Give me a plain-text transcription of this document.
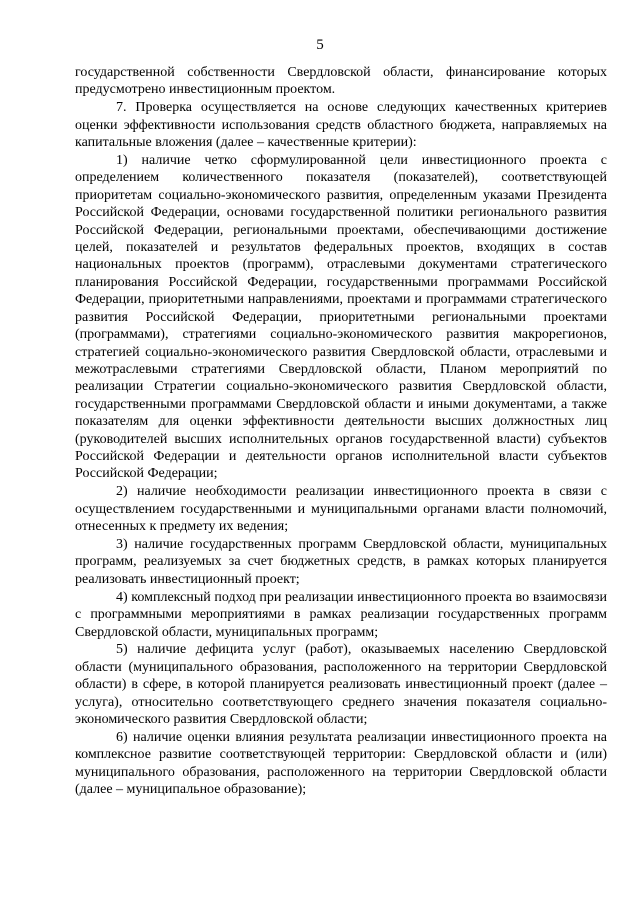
5

государственной собственности Свердловской области, финансирование которых предусмотрено инвестиционным проектом.

7. Проверка осуществляется на основе следующих качественных критериев оценки эффективности использования средств областного бюджета, направляемых на капитальные вложения (далее – качественные критерии):

1) наличие четко сформулированной цели инвестиционного проекта с определением количественного показателя (показателей), соответствующей приоритетам социально-экономического развития, определенным указами Президента Российской Федерации, основами государственной политики регионального развития Российской Федерации, региональными проектами, обеспечивающими достижение целей, показателей и результатов федеральных проектов, входящих в состав национальных проектов (программ), отраслевыми документами стратегического планирования Российской Федерации, государственными программами Российской Федерации, приоритетными направлениями, проектами и программами стратегического развития Российской Федерации, приоритетными региональными проектами (программами), стратегиями социально-экономического развития макрорегионов, стратегией социально-экономического развития Свердловской области, отраслевыми и межотраслевыми стратегиями Свердловской области, Планом мероприятий по реализации Стратегии социально-экономического развития Свердловской области, государственными программами Свердловской области и иными документами, а также показателям для оценки эффективности деятельности высших должностных лиц (руководителей высших исполнительных органов государственной власти) субъектов Российской Федерации и деятельности органов исполнительной власти субъектов Российской Федерации;

2) наличие необходимости реализации инвестиционного проекта в связи с осуществлением государственными и муниципальными органами власти полномочий, отнесенных к предмету их ведения;

3) наличие государственных программ Свердловской области, муниципальных программ, реализуемых за счет бюджетных средств, в рамках которых планируется реализовать инвестиционный проект;

4) комплексный подход при реализации инвестиционного проекта во взаимосвязи с программными мероприятиями в рамках реализации государственных программ Свердловской области, муниципальных программ;

5) наличие дефицита услуг (работ), оказываемых населению Свердловской области (муниципального образования, расположенного на территории Свердловской области) в сфере, в которой планируется реализовать инвестиционный проект (далее – услуга), относительно соответствующего среднего значения показателя социально-экономического развития Свердловской области;

6) наличие оценки влияния результата реализации инвестиционного проекта на комплексное развитие соответствующей территории: Свердловской области и (или) муниципального образования, расположенного на территории Свердловской области (далее – муниципальное образование);
